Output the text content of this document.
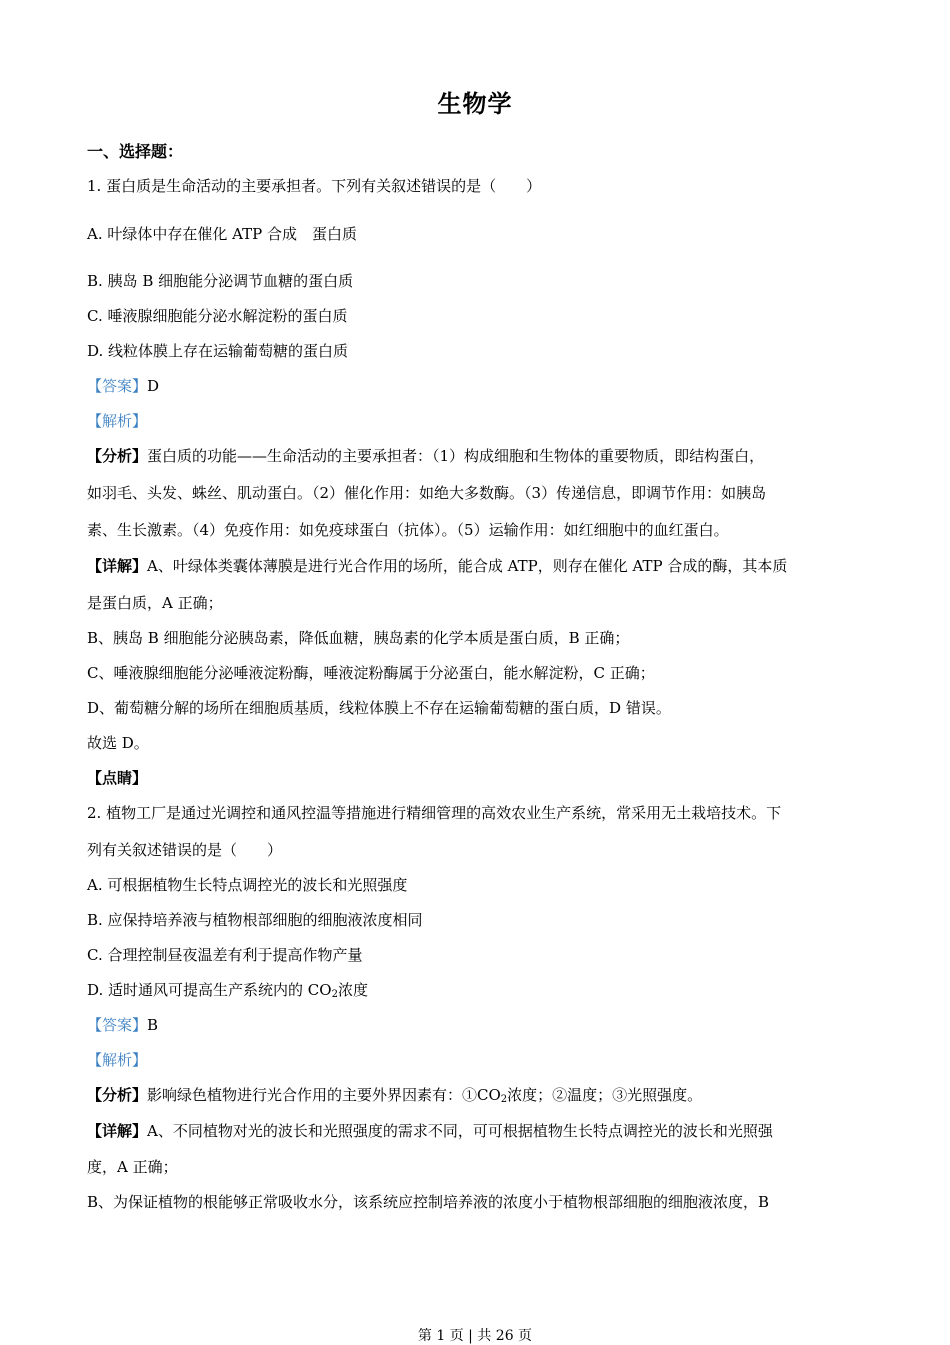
生物学
一、选择题：
1. 蛋白质是生命活动的主要承担者。下列有关叙述错误的是（　　）
A. 叶绿体中存在催化 ATP 合成　蛋白质
B. 胰岛 B 细胞能分泌调节血糖的蛋白质
C. 唾液腺细胞能分泌水解淀粉的蛋白质
D. 线粒体膜上存在运输葡萄糖的蛋白质
【答案】D
【解析】
【分析】蛋白质的功能——生命活动的主要承担者：（1）构成细胞和生物体的重要物质，即结构蛋白，
如羽毛、头发、蛛丝、肌动蛋白。（2）催化作用：如绝大多数酶。（3）传递信息，即调节作用：如胰岛
素、生长激素。（4）免疫作用：如免疫球蛋白（抗体）。（5）运输作用：如红细胞中的血红蛋白。
【详解】A、叶绿体类囊体薄膜是进行光合作用的场所，能合成 ATP，则存在催化 ATP 合成的酶，其本质
是蛋白质，A 正确；
B、胰岛 B 细胞能分泌胰岛素，降低血糖，胰岛素的化学本质是蛋白质，B 正确；
C、唾液腺细胞能分泌唾液淀粉酶，唾液淀粉酶属于分泌蛋白，能水解淀粉，C 正确；
D、葡萄糖分解的场所在细胞质基质，线粒体膜上不存在运输葡萄糖的蛋白质，D 错误。
故选 D。
【点睛】
2. 植物工厂是通过光调控和通风控温等措施进行精细管理的高效农业生产系统，常采用无土栽培技术。下
列有关叙述错误的是（　　）
A. 可根据植物生长特点调控光的波长和光照强度
B. 应保持培养液与植物根部细胞的细胞液浓度相同
C. 合理控制昼夜温差有利于提高作物产量
D. 适时通风可提高生产系统内的 $CO_2$浓度
【答案】B
【解析】
【分析】影响绿色植物进行光合作用的主要外界因素有：$①CO_2$浓度；②温度；③光照强度。
【详解】A、不同植物对光的波长和光照强度的需求不同，可可根据植物生长特点调控光的波长和光照强
度，A 正确；
B、为保证植物的根能够正常吸收水分，该系统应控制培养液的浓度小于植物根部细胞的细胞液浓度，B
第 1 页 | 共 26 页
